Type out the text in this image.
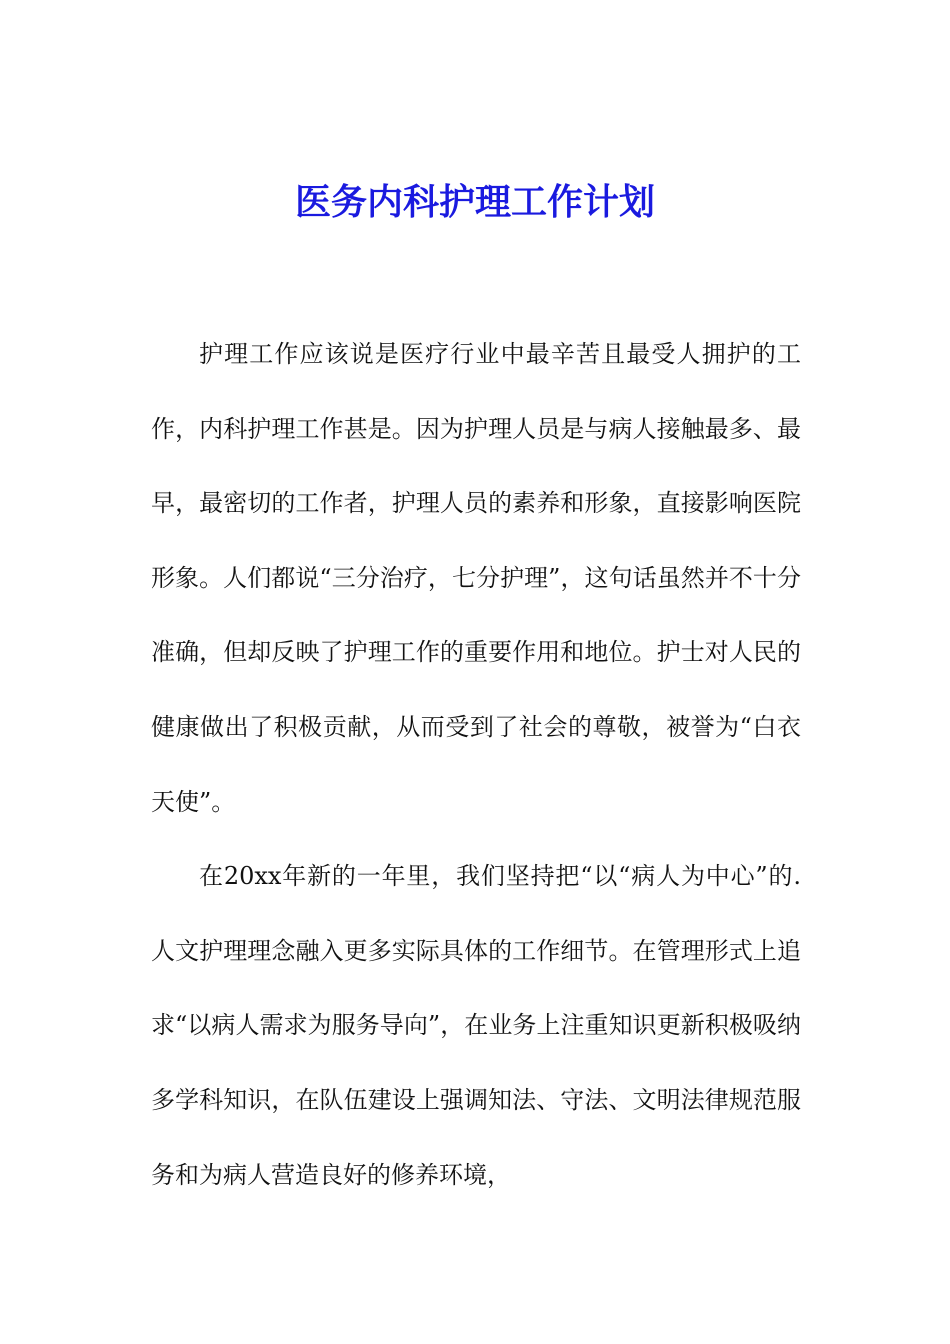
医务内科护理工作计划

护理工作应该说是医疗行业中最辛苦且最受人拥护的工作，内科护理工作甚是。因为护理人员是与病人接触最多、最早，最密切的工作者，护理人员的素养和形象，直接影响医院形象。人们都说“三分治疗，七分护理”，这句话虽然并不十分准确，但却反映了护理工作的重要作用和地位。护士对人民的健康做出了积极贡献，从而受到了社会的尊敬，被誉为“白衣天使”。

在20xx年新的一年里，我们坚持把“以“病人为中心”的.人文护理理念融入更多实际具体的工作细节。在管理形式上追求“以病人需求为服务导向”，在业务上注重知识更新积极吸纳多学科知识，在队伍建设上强调知法、守法、文明法律规范服务和为病人营造良好的修养环境，
